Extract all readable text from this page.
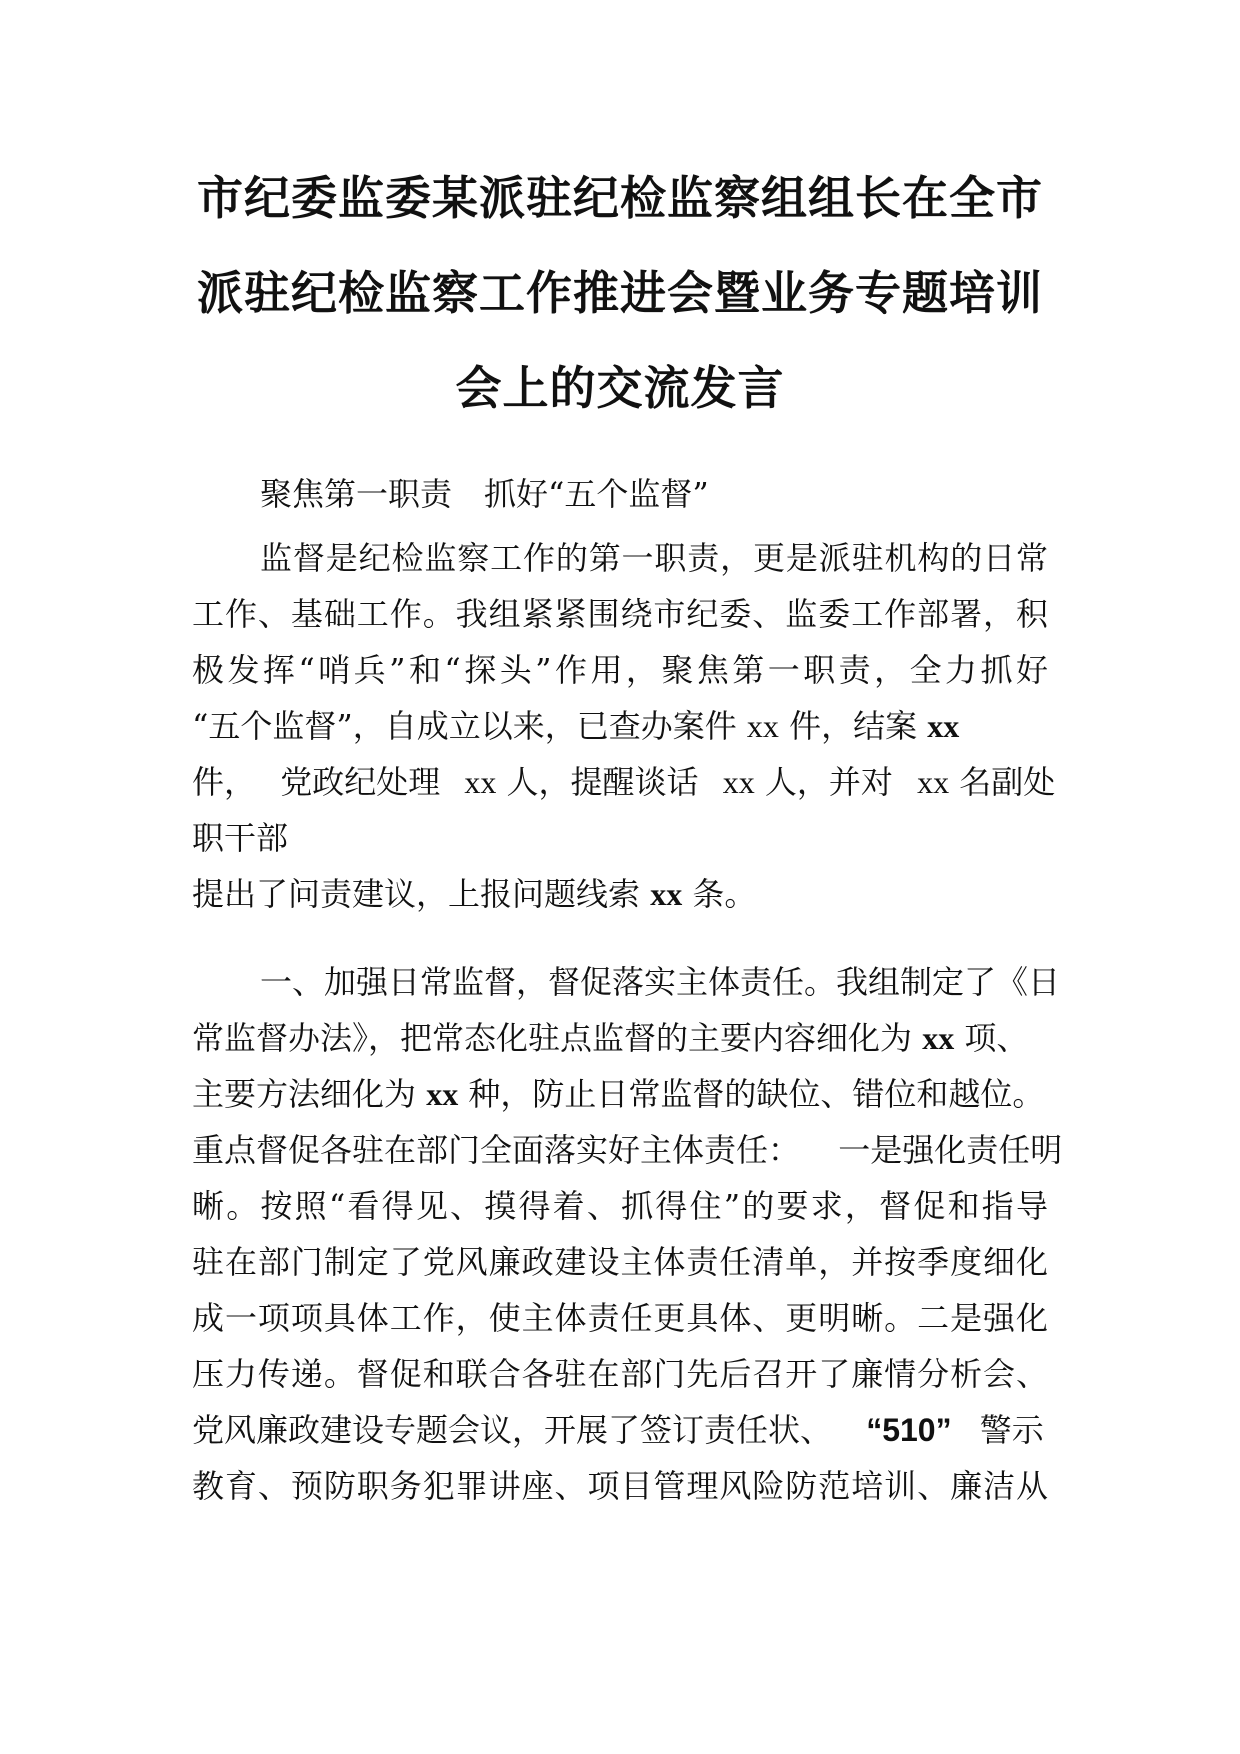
市纪委监委某派驻纪检监察组组长在全市
派驻纪检监察工作推进会暨业务专题培训
会上的交流发言
聚焦第一职责　抓好“五个监督”
监督是纪检监察工作的第一职责，更是派驻机构的日常
工作、基础工作。我组紧紧围绕市纪委、监委工作部署，积
极发挥“哨兵”和“探头”作用，聚焦第一职责，全力抓好
“五个监督”，自成立以来，已查办案件 xx 件，结案 xx
件， 党政纪处理 xx 人，提醒谈话 xx 人，并对 xx 名副处
职干部
提出了问责建议，上报问题线索 xx 条。
一、加强日常监督，督促落实主体责任。我组制定了《日
常监督办法》，把常态化驻点监督的主要内容细化为 xx 项、
主要方法细化为 xx 种，防止日常监督的缺位、错位和越位。
重点督促各驻在部门全面落实好主体责任： 一是强化责任明
晰。按照“看得见、摸得着、抓得住”的要求，督促和指导
驻在部门制定了党风廉政建设主体责任清单，并按季度细化
成一项项具体工作，使主体责任更具体、更明晰。二是强化
压力传递。督促和联合各驻在部门先后召开了廉情分析会、
党风廉政建设专题会议，开展了签订责任状、 “510” 警示
教育、预防职务犯罪讲座、项目管理风险防范培训、廉洁从
